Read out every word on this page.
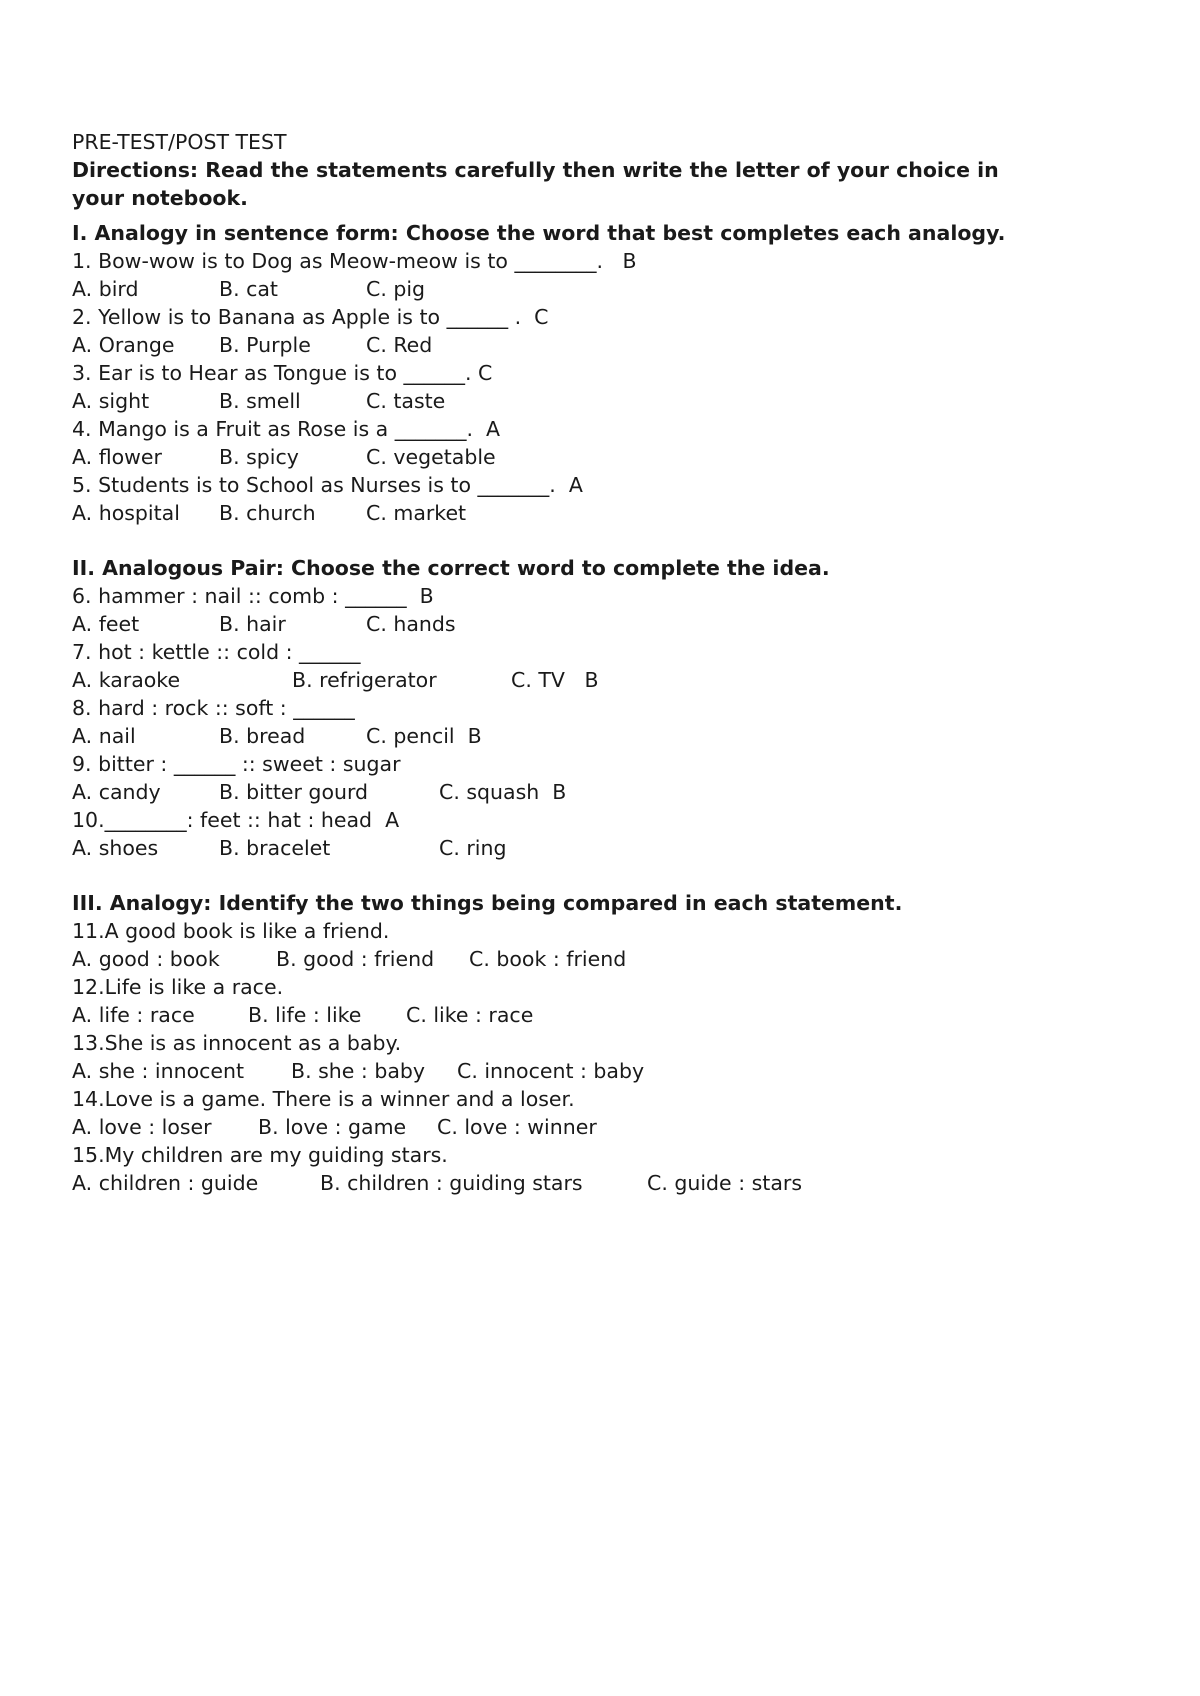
PRE-TEST/POST TEST
Directions: Read the statements carefully then write the letter of your choice in
your notebook.
I. Analogy in sentence form: Choose the word that best completes each analogy.
1. Bow-wow is to Dog as Meow-meow is to ________.   B
A. bird	B. cat	C. pig
2. Yellow is to Banana as Apple is to ______ .  C
A. Orange B. Purple	C. Red
3. Ear is to Hear as Tongue is to ______. C
A. sight	B. smell	C. taste
4. Mango is a Fruit as Rose is a _______.  A
A. flower	B. spicy	C. vegetable
5. Students is to School as Nurses is to _______.  A
A. hospital B. church C. market
II. Analogous Pair: Choose the correct word to complete the idea.
6. hammer : nail :: comb : ______  B
A. feet	B. hair	C. hands
7. hot : kettle :: cold : ______
A. karaoke	B. refrigerator	C. TV   B
8. hard : rock :: soft : ______
A. nail	B. bread	C. pencil  B
9. bitter : ______ :: sweet : sugar
A. candy	B. bitter gourd	C. squash  B
10.________: feet :: hat : head  A
A. shoes	B. bracelet	C. ring
III. Analogy: Identify the two things being compared in each statement.
11.A good book is like a friend.
A. good : book	B. good : friend C. book : friend
12.Life is like a race.
A. life : race	B. life : like C. like : race
13.She is as innocent as a baby.
A. she : innocent B. she : baby C. innocent : baby
14.Love is a game. There is a winner and a loser.
A. love : loser B. love : game C. love : winner
15.My children are my guiding stars.
A. children : guide	B. children : guiding stars	C. guide : stars
